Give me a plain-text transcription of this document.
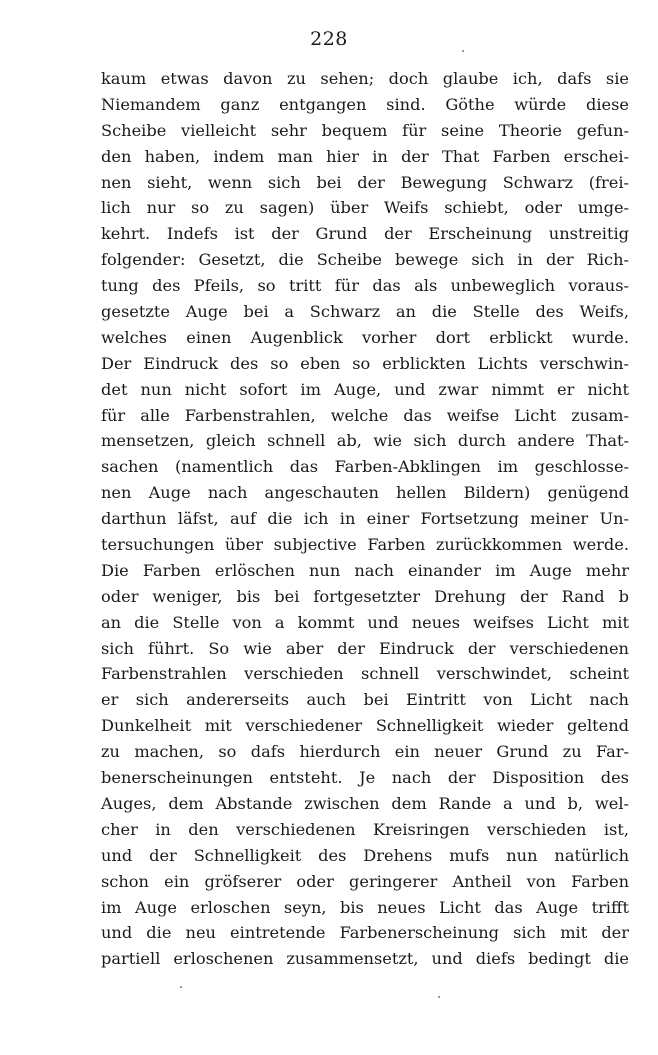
228
kaum etwas davon zu sehen; doch glaube ich, dafs sie
Niemandem ganz entgangen sind. Göthe würde diese
Scheibe vielleicht sehr bequem für seine Theorie gefun-
den haben, indem man hier in der That Farben erschei-
nen sieht, wenn sich bei der Bewegung Schwarz (frei-
lich nur so zu sagen) über Weifs schiebt, oder umge-
kehrt. Indefs ist der Grund der Erscheinung unstreitig
folgender: Gesetzt, die Scheibe bewege sich in der Rich-
tung des Pfeils, so tritt für das als unbeweglich voraus-
gesetzte Auge bei a Schwarz an die Stelle des Weifs,
welches einen Augenblick vorher dort erblickt wurde.
Der Eindruck des so eben so erblickten Lichts verschwin-
det nun nicht sofort im Auge, und zwar nimmt er nicht
für alle Farbenstrahlen, welche das weifse Licht zusam-
mensetzen, gleich schnell ab, wie sich durch andere That-
sachen (namentlich das Farben-Abklingen im geschlosse-
nen Auge nach angeschauten hellen Bildern) genügend
darthun läfst, auf die ich in einer Fortsetzung meiner Un-
tersuchungen über subjective Farben zurückkommen werde.
Die Farben erlöschen nun nach einander im Auge mehr
oder weniger, bis bei fortgesetzter Drehung der Rand b
an die Stelle von a kommt und neues weifses Licht mit
sich führt. So wie aber der Eindruck der verschiedenen
Farbenstrahlen verschieden schnell verschwindet, scheint
er sich andererseits auch bei Eintritt von Licht nach
Dunkelheit mit verschiedener Schnelligkeit wieder geltend
zu machen, so dafs hierdurch ein neuer Grund zu Far-
benerscheinungen entsteht. Je nach der Disposition des
Auges, dem Abstande zwischen dem Rande a und b, wel-
cher in den verschiedenen Kreisringen verschieden ist,
und der Schnelligkeit des Drehens mufs nun natürlich
schon ein gröfserer oder geringerer Antheil von Farben
im Auge erloschen seyn, bis neues Licht das Auge trifft
und die neu eintretende Farbenerscheinung sich mit der
partiell erloschenen zusammensetzt, und diefs bedingt die
